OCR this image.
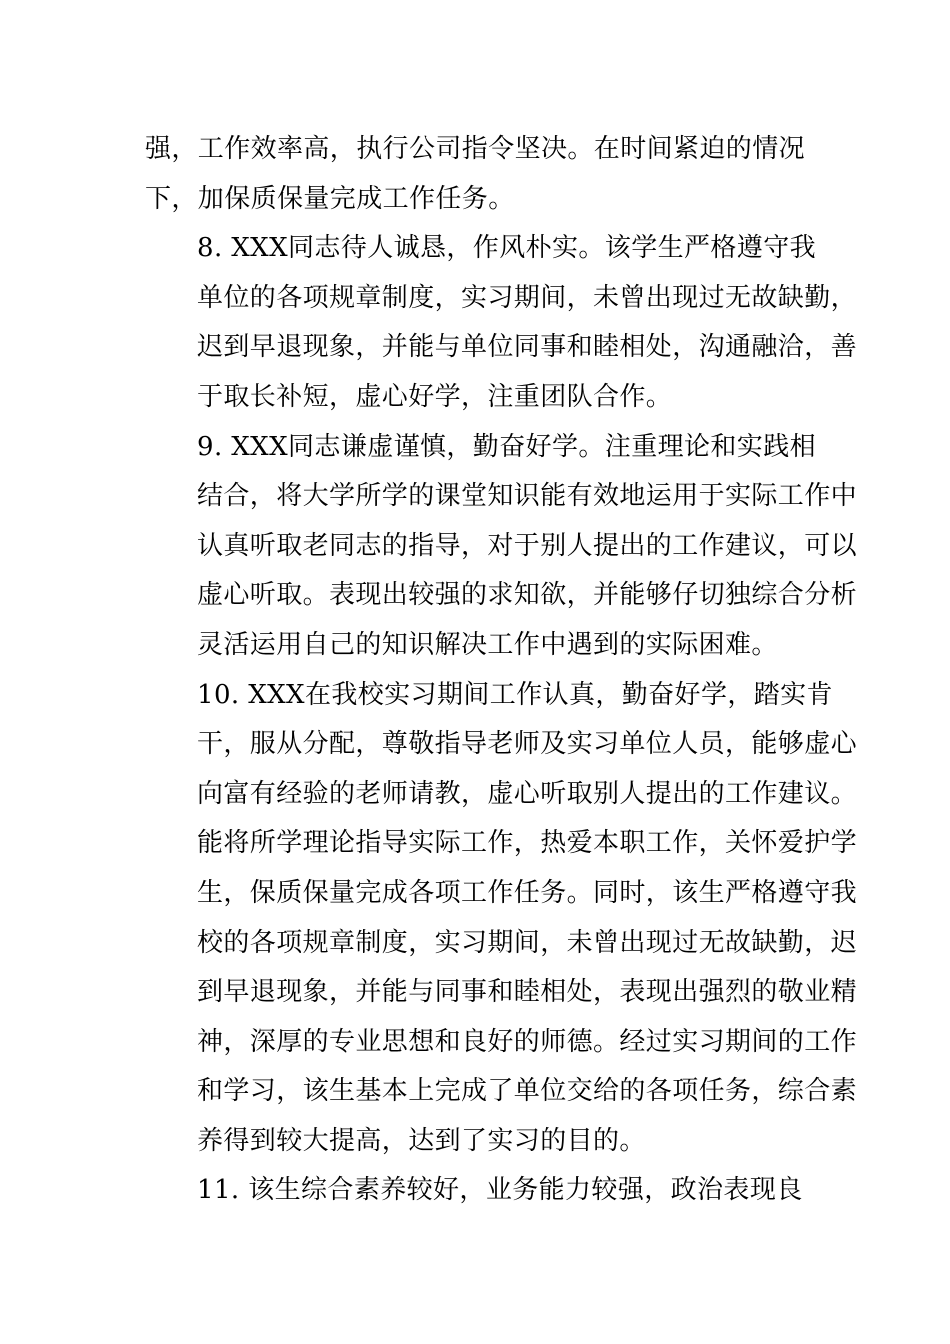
强，工作效率高，执行公司指令坚决。在时间紧迫的情况
下，加保质保量完成工作任务。

8. XXX同志待人诚恳，作风朴实。该学生严格遵守我
单位的各项规章制度，实习期间，未曾出现过无故缺勤，
迟到早退现象，并能与单位同事和睦相处，沟通融洽，善
于取长补短，虚心好学，注重团队合作。

9. XXX同志谦虚谨慎，勤奋好学。注重理论和实践相
结合，将大学所学的课堂知识能有效地运用于实际工作中
认真听取老同志的指导，对于别人提出的工作建议，可以
虚心听取。表现出较强的求知欲，并能够仔切独综合分析
灵活运用自己的知识解决工作中遇到的实际困难。

10. XXX在我校实习期间工作认真，勤奋好学，踏实肯
干，服从分配，尊敬指导老师及实习单位人员，能够虚心
向富有经验的老师请教，虚心听取别人提出的工作建议。
能将所学理论指导实际工作，热爱本职工作，关怀爱护学
生，保质保量完成各项工作任务。同时，该生严格遵守我
校的各项规章制度，实习期间，未曾出现过无故缺勤，迟
到早退现象，并能与同事和睦相处，表现出强烈的敬业精
神，深厚的专业思想和良好的师德。经过实习期间的工作
和学习，该生基本上完成了单位交给的各项任务，综合素
养得到较大提高，达到了实习的目的。

11. 该生综合素养较好，业务能力较强，政治表现良
